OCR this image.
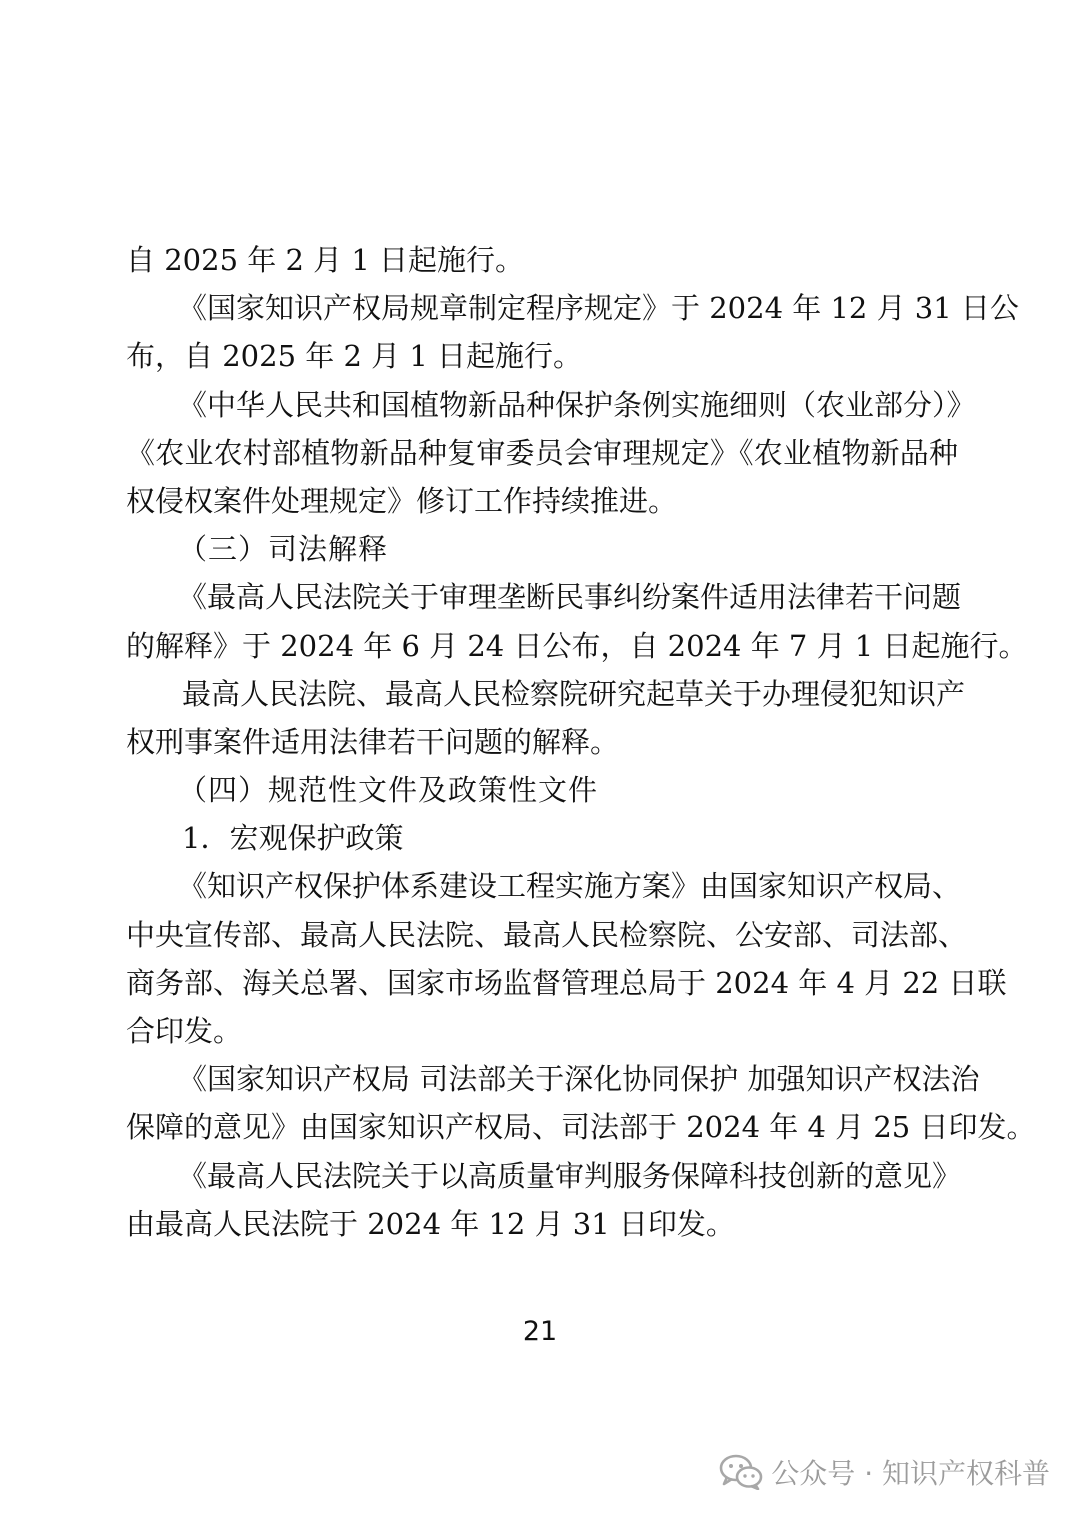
自 2025 年 2 月 1 日起施行。
《国家知识产权局规章制定程序规定》于 2024 年 12 月 31 日公
布，自 2025 年 2 月 1 日起施行。
《中华人民共和国植物新品种保护条例实施细则（农业部分）》
《农业农村部植物新品种复审委员会审理规定》《农业植物新品种
权侵权案件处理规定》修订工作持续推进。
（三）司法解释
《最高人民法院关于审理垄断民事纠纷案件适用法律若干问题
的解释》于 2024 年 6 月 24 日公布，自 2024 年 7 月 1 日起施行。
最高人民法院、最高人民检察院研究起草关于办理侵犯知识产
权刑事案件适用法律若干问题的解释。
（四）规范性文件及政策性文件
1．宏观保护政策
《知识产权保护体系建设工程实施方案》由国家知识产权局、
中央宣传部、最高人民法院、最高人民检察院、公安部、司法部、
商务部、海关总署、国家市场监督管理总局于 2024 年 4 月 22 日联
合印发。
《国家知识产权局 司法部关于深化协同保护 加强知识产权法治
保障的意见》由国家知识产权局、司法部于 2024 年 4 月 25 日印发。
《最高人民法院关于以高质量审判服务保障科技创新的意见》
由最高人民法院于 2024 年 12 月 31 日印发。
21
公众号 · 知识产权科普
